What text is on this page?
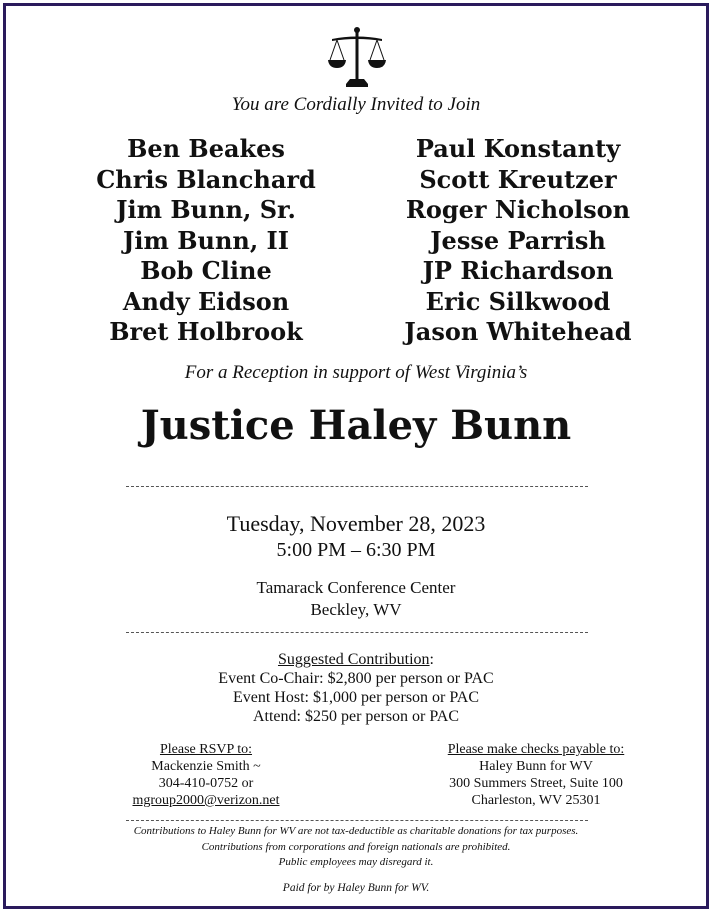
You are Cordially Invited to Join
Ben Beakes
Chris Blanchard
Jim Bunn, Sr.
Jim Bunn, II
Bob Cline
Andy Eidson
Bret Holbrook
Paul Konstanty
Scott Kreutzer
Roger Nicholson
Jesse Parrish
JP Richardson
Eric Silkwood
Jason Whitehead
For a Reception in support of West Virginia’s
Justice Haley Bunn
Tuesday, November 28, 2023
5:00 PM – 6:30 PM
Tamarack Conference Center
Beckley, WV
Suggested Contribution:
Event Co-Chair: $2,800 per person or PAC
Event Host: $1,000 per person or PAC
Attend: $250 per person or PAC
Please RSVP to:
Mackenzie Smith ~
304-410-0752 or
mgroup2000@verizon.net
Please make checks payable to:
Haley Bunn for WV
300 Summers Street, Suite 100
Charleston, WV 25301
Contributions to Haley Bunn for WV are not tax-deductible as charitable donations for tax purposes.
Contributions from corporations and foreign nationals are prohibited.
Public employees may disregard it.
Paid for by Haley Bunn for WV.
